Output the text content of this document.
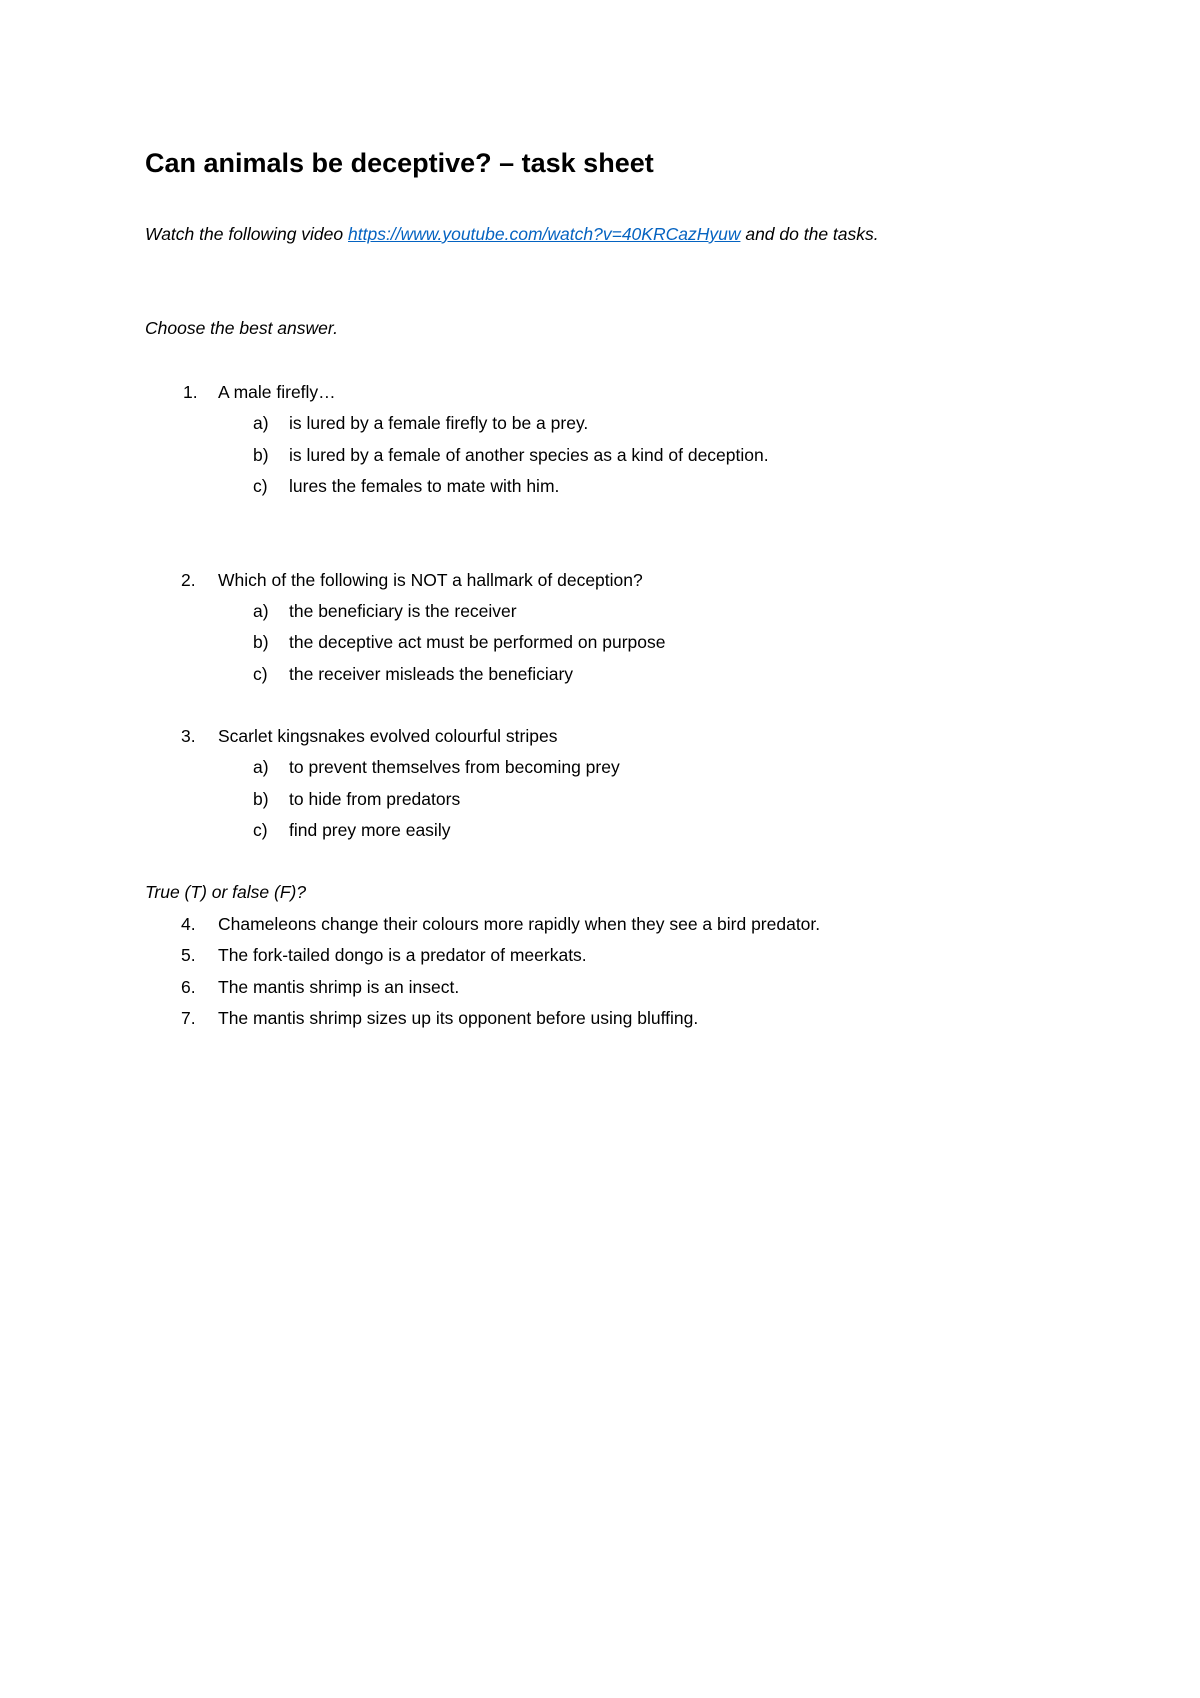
Can animals be deceptive? – task sheet

Watch the following video https://www.youtube.com/watch?v=40KRCazHyuw and do the tasks.

Choose the best answer.

1. A male firefly…
a) is lured by a female firefly to be a prey.
b) is lured by a female of another species as a kind of deception.
c) lures the females to mate with him.
2. Which of the following is NOT a hallmark of deception?
a) the beneficiary is the receiver
b) the deceptive act must be performed on purpose
c) the receiver misleads the beneficiary
3. Scarlet kingsnakes evolved colourful stripes
a) to prevent themselves from becoming prey
b) to hide from predators
c) find prey more easily

True (T) or false (F)?

4. Chameleons change their colours more rapidly when they see a bird predator.
5. The fork-tailed dongo is a predator of meerkats.
6. The mantis shrimp is an insect.
7. The mantis shrimp sizes up its opponent before using bluffing.
